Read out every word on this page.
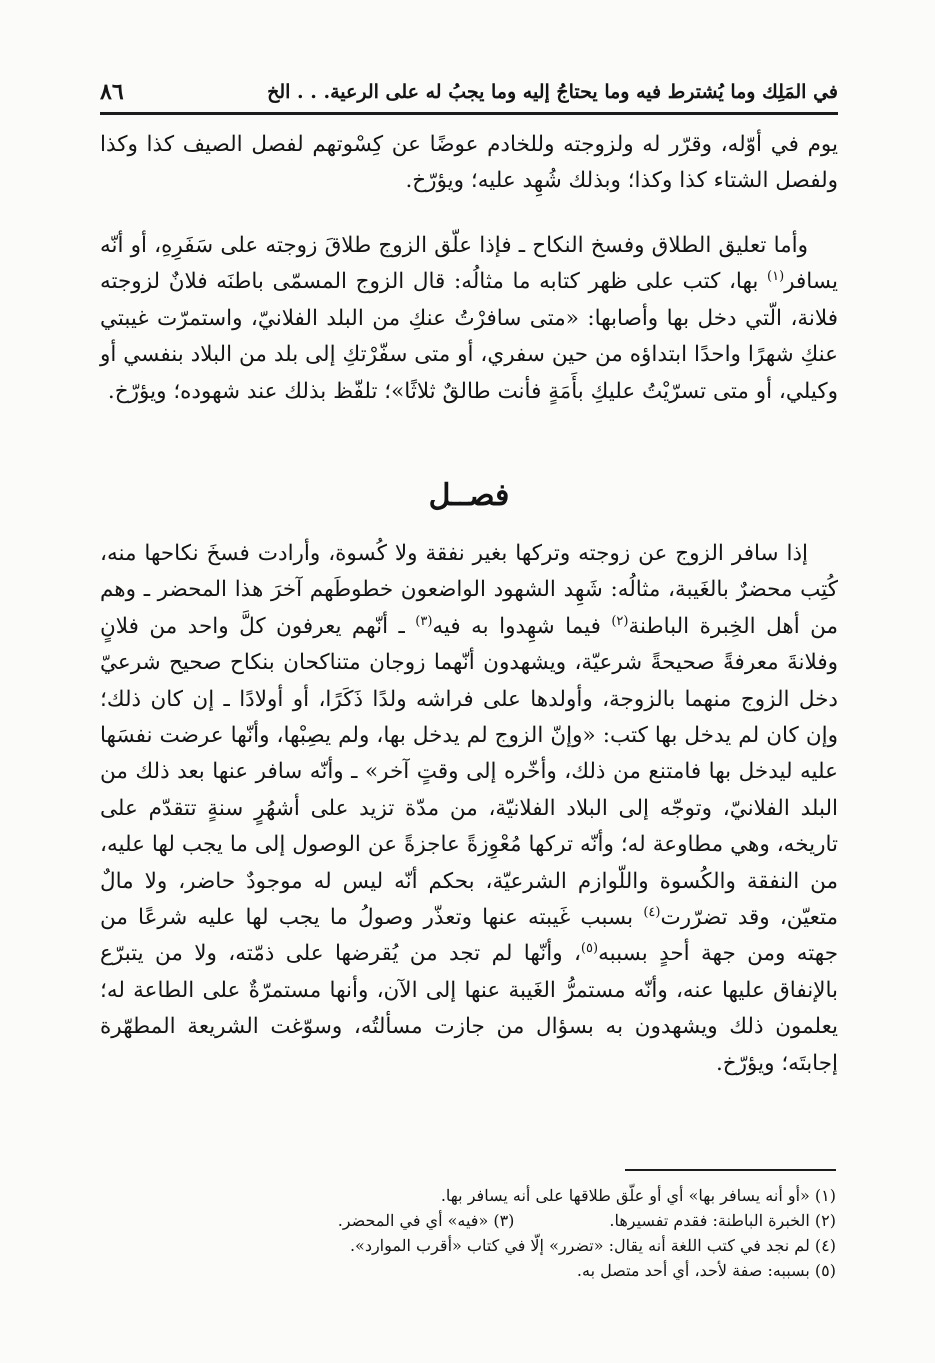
في المَلِك وما يُشترط فيه وما يحتاجُ إليه وما يجبُ له على الرعية. . . الخ
٨٦

يوم في أوّله، وقرّر له ولزوجته وللخادم عوضًا عن كِسْوتهم لفصل الصيف كذا وكذا ولفصل الشتاء كذا وكذا؛ وبذلك شُهِد عليه؛ ويؤرّخ.

وأما تعليق الطلاق وفسخ النكاح ـ فإذا علّق الزوج طلاقَ زوجته على سَفَرِهِ، أو أنّه يسافر$^{(١)}$ بها، كتب على ظهر كتابه ما مثالُه: قال الزوج المسمّى باطنَه فلانٌ لزوجته فلانة، الّتي دخل بها وأصابها: «متى سافرْتُ عنكِ من البلد الفلانيّ، واستمرّت غيبتي عنكِ شهرًا واحدًا ابتداؤه من حين سفري، أو متى سفّرْتكِ إلى بلد من البلاد بنفسي أو وكيلي، أو متى تسرّيْتُ عليكِ بأَمَةٍ فأنت طالقٌ ثلاثًا»؛ تلفّظ بذلك عند شهوده؛ ويؤرّخ.

فصــل

إذا سافر الزوج عن زوجته وتركها بغير نفقة ولا كُسوة، وأرادت فسخَ نكاحها منه، كُتِب محضرٌ بالغَيبة، مثالُه: شَهِد الشهود الواضعون خطوطَهم آخرَ هذا المحضر ـ وهم من أهل الخِبرة الباطنة$^{(٢)}$ فيما شهِدوا به فيه$^{(٣)}$ ـ أنّهم يعرفون كلَّ واحد من فلانٍ وفلانةَ معرفةً صحيحةً شرعيّة، ويشهدون أنّهما زوجان متناكحان بنكاح صحيح شرعيّ دخل الزوج منهما بالزوجة، وأولدها على فراشه ولدًا ذَكَرًا، أو أولادًا ـ إن كان ذلك؛ وإن كان لم يدخل بها كتب: «وإنّ الزوج لم يدخل بها، ولم يصِبْها، وأنّها عرضت نفسَها عليه ليدخل بها فامتنع من ذلك، وأخّره إلى وقتٍ آخر» ـ وأنّه سافر عنها بعد ذلك من البلد الفلانيّ، وتوجّه إلى البلاد الفلانيّة، من مدّة تزيد على أشهُرٍ سنةٍ تتقدّم على تاريخه، وهي مطاوعة له؛ وأنّه تركها مُعْوِزةً عاجزةً عن الوصول إلى ما يجب لها عليه، من النفقة والكُسوة واللّوازم الشرعيّة، بحكم أنّه ليس له موجودٌ حاضر، ولا مالٌ متعيّن، وقد تضرّرت$^{(٤)}$ بسبب غَيبته عنها وتعذّر وصولُ ما يجب لها عليه شرعًا من جهته ومن جهة أحدٍ بسببه$^{(٥)}$، وأنّها لم تجد من يُقرضها على ذمّته، ولا من يتبرّع بالإنفاق عليها عنه، وأنّه مستمرُّ الغَيبة عنها إلى الآن، وأنها مستمرّةٌ على الطاعة له؛ يعلمون ذلك ويشهدون به بسؤال من جازت مسألتُه، وسوّغت الشريعة المطهّرة إجابتَه؛ ويؤرّخ.

(١) «أو أنه يسافر بها» أي أو علّق طلاقها على أنه يسافر بها.
(٢) الخبرة الباطنة: فقدم تفسيرها.
(٣) «فيه» أي في المحضر.
(٤) لم نجد في كتب اللغة أنه يقال: «تضرر» إلّا في كتاب «أقرب الموارد».
(٥) بسببه: صفة لأحد، أي أحد متصل به.
